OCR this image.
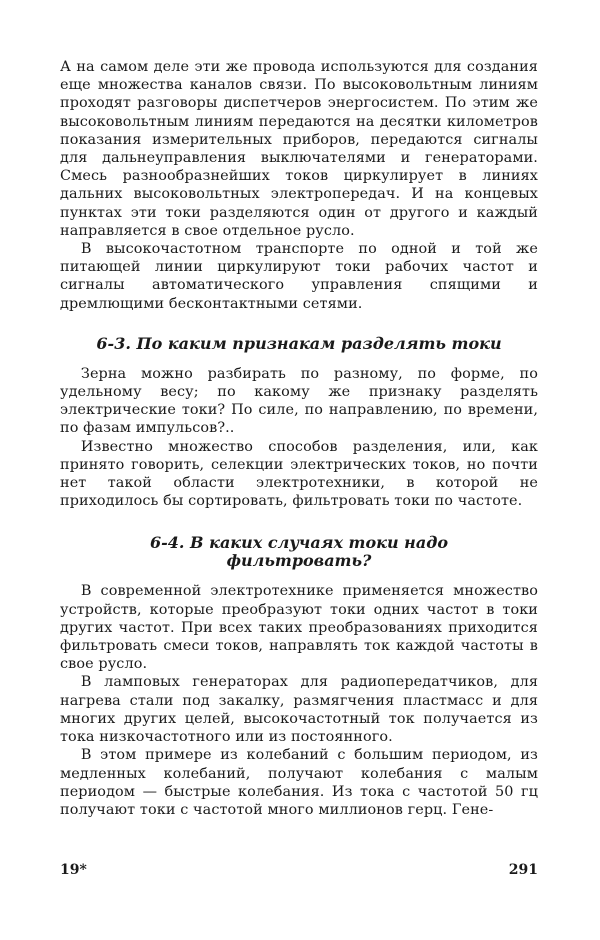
А на самом деле эти же провода используются для создания еще множества каналов связи. По высоковольтным линиям проходят разговоры диспетчеров энергосистем. По этим же высоковольтным линиям передаются на десятки километров показания измерительных приборов, передаются сигналы для дальнеуправления выключателями и генераторами. Смесь разнообразнейших токов циркулирует в линиях дальних высоковольтных электропередач. И на концевых пунктах эти токи разделяются один от другого и каждый направляется в свое отдельное русло.

В высокочастотном транспорте по одной и той же питающей линии циркулируют токи рабочих частот и сигналы автоматического управления спящими и дремлющими бесконтактными сетями.

6-3. По каким признакам разделять токи

Зерна можно разбирать по разному, по форме, по удельному весу; по какому же признаку разделять электрические токи? По силе, по направлению, по времени, по фазам импульсов?..

Известно множество способов разделения, или, как принято говорить, селекции электрических токов, но почти нет такой области электротехники, в которой не приходилось бы сортировать, фильтровать токи по частоте.

6-4. В каких случаях токи надо
фильтровать?

В современной электротехнике применяется множество устройств, которые преобразуют токи одних частот в токи других частот. При всех таких преобразованиях приходится фильтровать смеси токов, направлять ток каждой частоты в свое русло.

В ламповых генераторах для радиопередатчиков, для нагрева стали под закалку, размягчения пластмасс и для многих других целей, высокочастотный ток получается из тока низкочастотного или из постоянного.

В этом примере из колебаний с большим периодом, из медленных колебаний, получают колебания с малым периодом — быстрые колебания. Из тока с частотой 50 гц получают токи с частотой много миллионов герц. Гене-

19*	291
